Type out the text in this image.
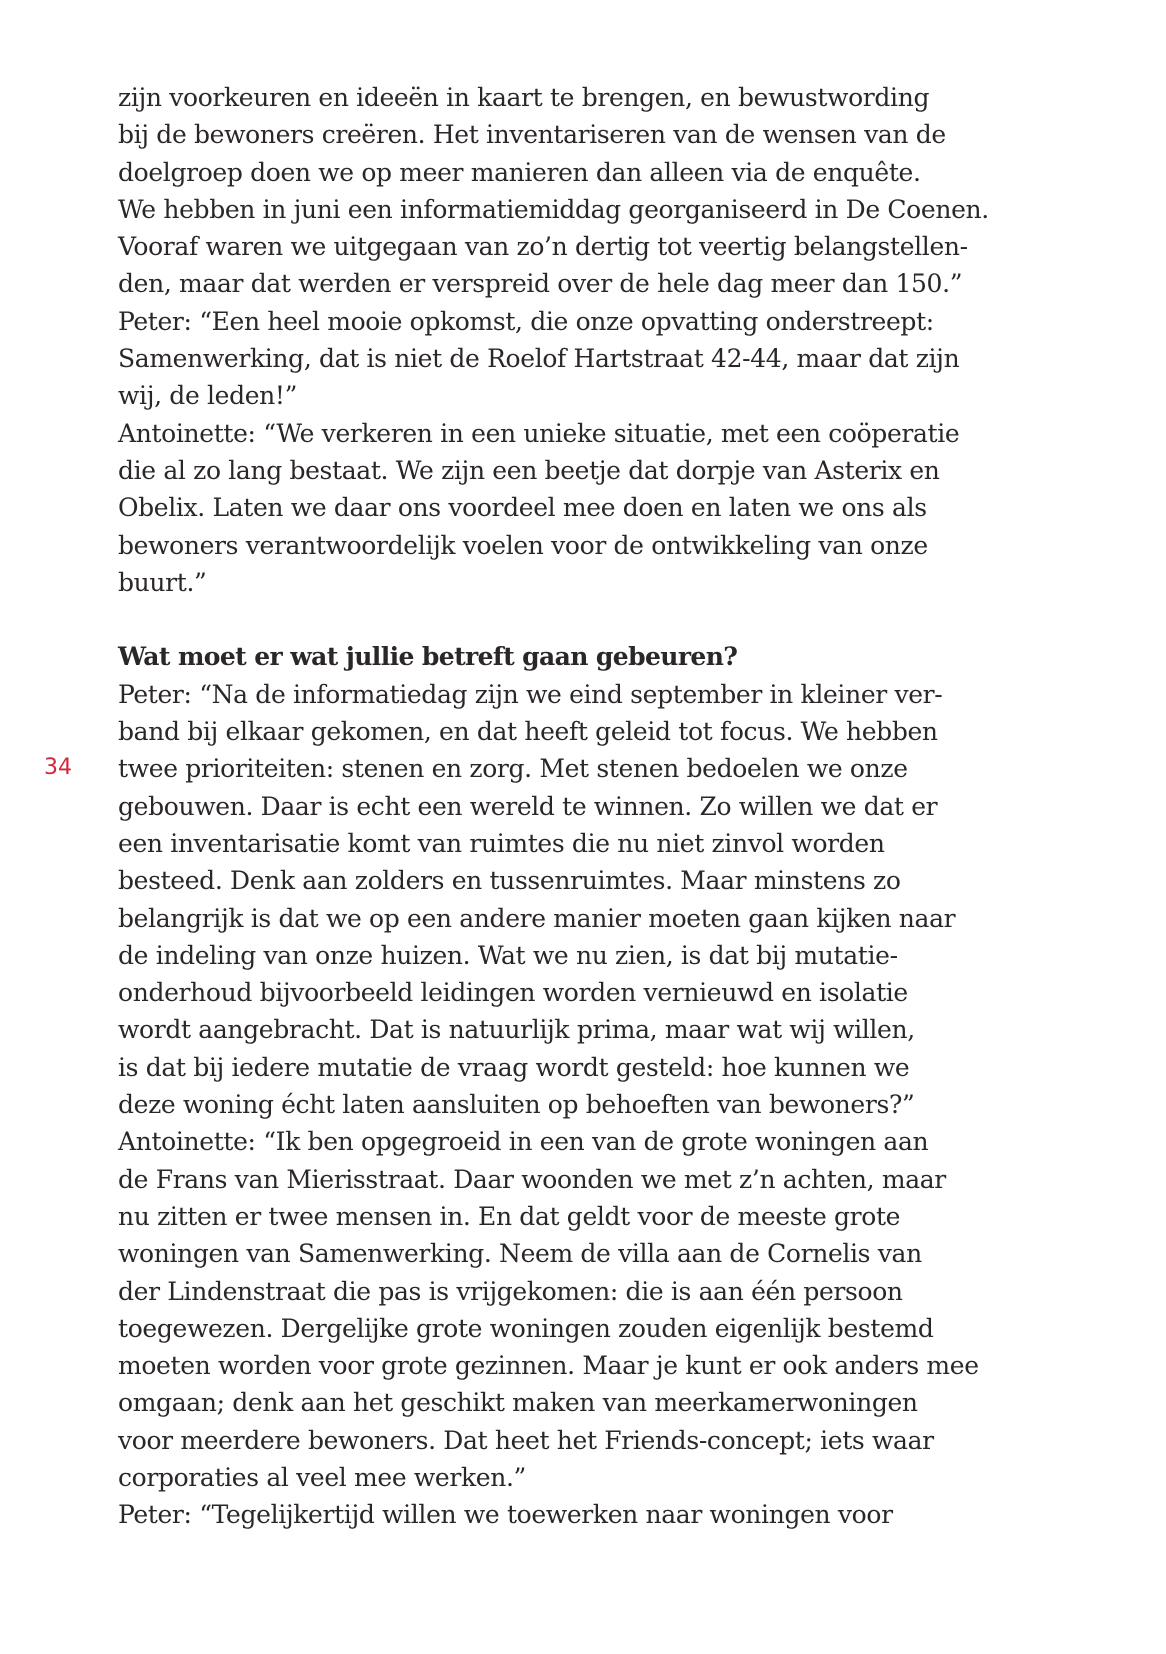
34
zijn voorkeuren en ideeën in kaart te brengen, en bewustwording
bij de bewoners creëren. Het inventariseren van de wensen van de
doelgroep doen we op meer manieren dan alleen via de enquête.
We hebben in juni een informatiemiddag georganiseerd in De Coenen.
Vooraf waren we uitgegaan van zo’n dertig tot veertig belangstellen-
den, maar dat werden er verspreid over de hele dag meer dan 150.”
Peter: “Een heel mooie opkomst, die onze opvatting onderstreept:
Samenwerking, dat is niet de Roelof Hartstraat 42-44, maar dat zijn
wij, de leden!”
Antoinette: “We verkeren in een unieke situatie, met een coöperatie
die al zo lang bestaat. We zijn een beetje dat dorpje van Asterix en
Obelix. Laten we daar ons voordeel mee doen en laten we ons als
bewoners verantwoordelijk voelen voor de ontwikkeling van onze
buurt.”
Wat moet er wat jullie betreft gaan gebeuren?
Peter: “Na de informatiedag zijn we eind september in kleiner ver-
band bij elkaar gekomen, en dat heeft geleid tot focus. We hebben
twee prioriteiten: stenen en zorg. Met stenen bedoelen we onze
gebouwen. Daar is echt een wereld te winnen. Zo willen we dat er
een inventarisatie komt van ruimtes die nu niet zinvol worden
besteed. Denk aan zolders en tussenruimtes. Maar minstens zo
belangrijk is dat we op een andere manier moeten gaan kijken naar
de indeling van onze huizen. Wat we nu zien, is dat bij mutatie-
onderhoud bijvoorbeeld leidingen worden vernieuwd en isolatie
wordt aangebracht. Dat is natuurlijk prima, maar wat wij willen,
is dat bij iedere mutatie de vraag wordt gesteld: hoe kunnen we
deze woning écht laten aansluiten op behoeften van bewoners?”
Antoinette: “Ik ben opgegroeid in een van de grote woningen aan
de Frans van Mierisstraat. Daar woonden we met z’n achten, maar
nu zitten er twee mensen in. En dat geldt voor de meeste grote
woningen van Samenwerking. Neem de villa aan de Cornelis van
der Lindenstraat die pas is vrijgekomen: die is aan één persoon
toegewezen. Dergelijke grote woningen zouden eigenlijk bestemd
moeten worden voor grote gezinnen. Maar je kunt er ook anders mee
omgaan; denk aan het geschikt maken van meerkamerwoningen
voor meerdere bewoners. Dat heet het Friends-concept; iets waar
corporaties al veel mee werken.”
Peter: “Tegelijkertijd willen we toewerken naar woningen voor
